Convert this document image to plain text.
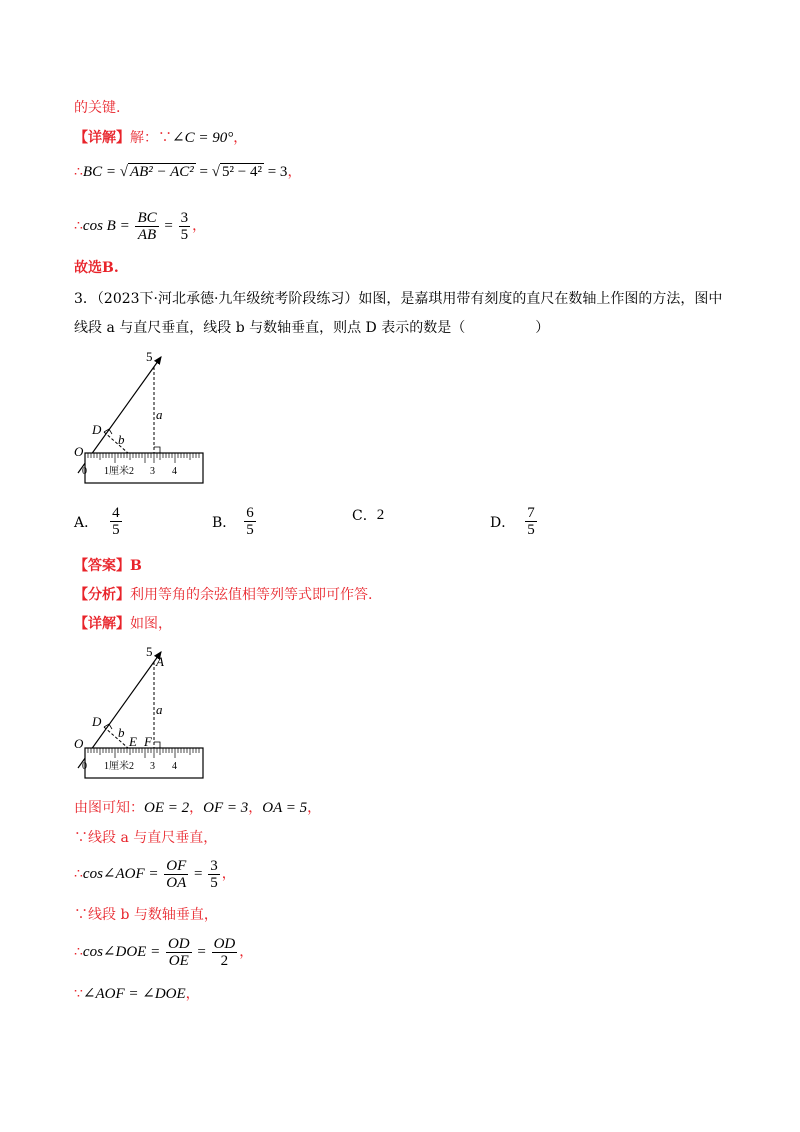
的关键.
【详解】解：∵∠C = 90°，
∴BC = √ AB² − AC² = √ 5² − 4² = 3，
∴cos $B = \frac{BC}{AB} = \frac{3}{5}$ ，
故选B.
3．（2023下·河北承德·九年级统考阶段练习）如图，是嘉琪用带有刻度的直尺在数轴上作图的方法，图中
线段 a 与直尺垂直，线段 b 与数轴垂直，则点 D 表示的数是（　　　　　）
0 1厘米2 3 4
5
a
b
D
O
A． $\frac{4}{5}$	B． $\frac{6}{5}$	C． 2	D． $\frac{7}{5}$
【答案】B
【分析】利用等角的余弦值相等列等式即可作答.
【详解】如图，
0 1厘米2 3 4
5
A
a
b
D
O	E F
由图可知：OE = 2，OF = 3，OA = 5，
∵线段 a 与直尺垂直，
∴cos∠AOF = $\frac{OF}{OA} = \frac{3}{5}$ ，
∵线段 b 与数轴垂直，
∴cos∠DOE = $\frac{OD}{OE} = \frac{OD}{2}$ ，
∵∠AOF = ∠DOE，
